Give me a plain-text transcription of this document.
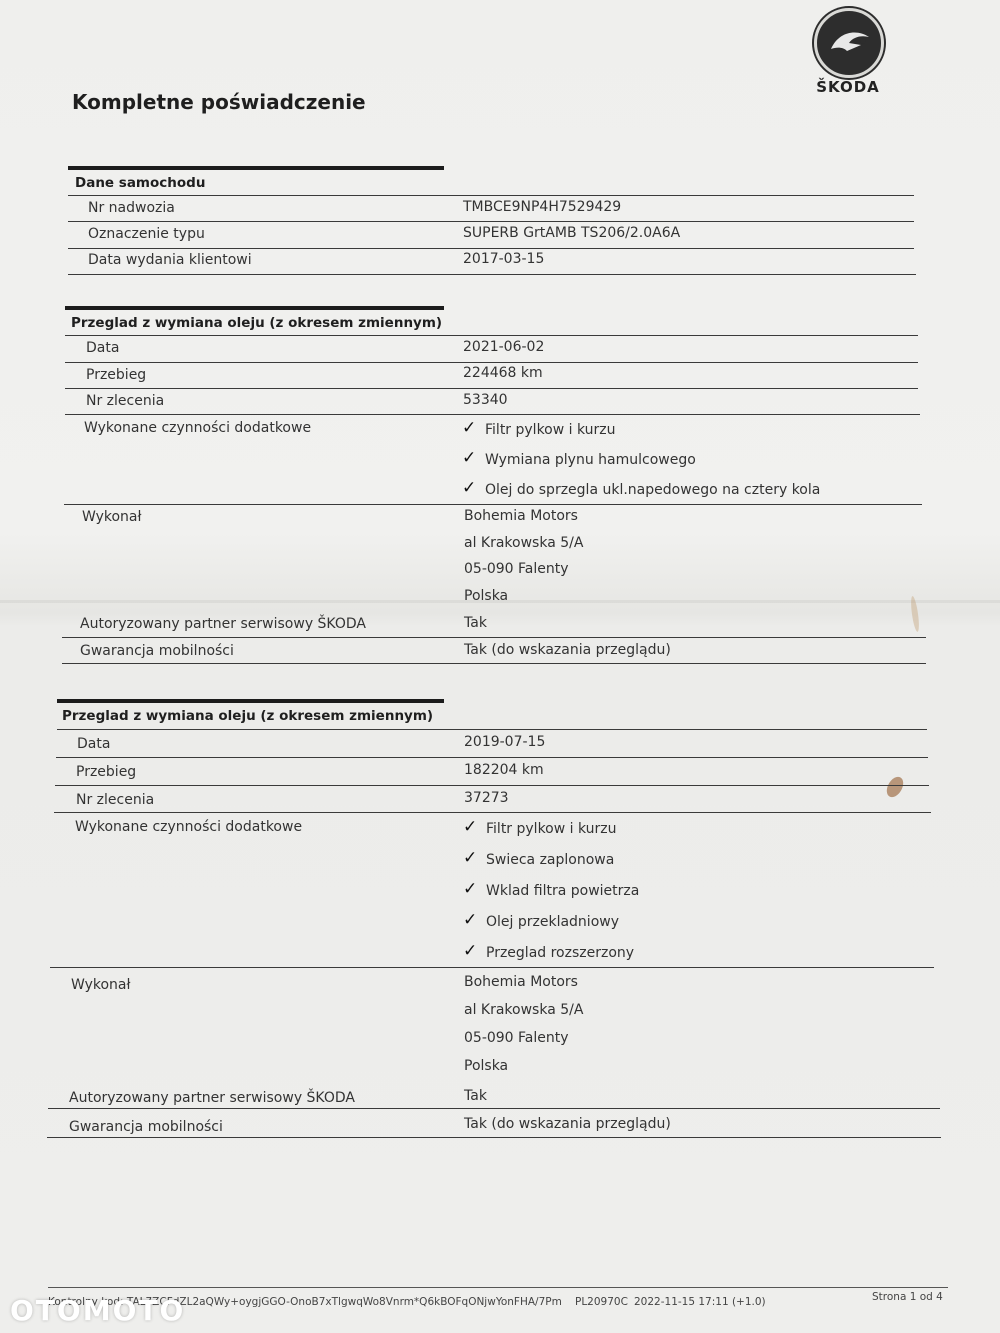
ŠKODA
Kompletne poświadczenie
Dane samochodu
Nr nadwozia	TMBCE9NP4H7529429
Oznaczenie typu	SUPERB GrtAMB TS206/2.0A6A
Data wydania klientowi	2017-03-15
Przeglad z wymiana oleju (z okresem zmiennym)
Data	2021-06-02
Przebieg	224468 km
Nr zlecenia	53340
Wykonane czynności dodatkowe	✓ Filtr pylkow i kurzu
✓ Wymiana plynu hamulcowego
✓ Olej do sprzegla ukl.napedowego na cztery kola
Wykonał	Bohemia Motors
al Krakowska 5/A
05-090 Falenty
Polska
Autoryzowany partner serwisowy ŠKODA	Tak
Gwarancja mobilności	Tak (do wskazania przeglądu)
Przeglad z wymiana oleju (z okresem zmiennym)
Data	2019-07-15
Przebieg	182204 km
Nr zlecenia	37273
Wykonane czynności dodatkowe	✓ Filtr pylkow i kurzu
✓ Swieca zaplonowa
✓ Wklad filtra powietrza
✓ Olej przekladniowy
✓ Przeglad rozszerzony
Wykonał	Bohemia Motors
al Krakowska 5/A
05-090 Falenty
Polska
Autoryzowany partner serwisowy ŠKODA	Tak
Gwarancja mobilności	Tak (do wskazania przeglądu)
Kontrolny kod: TAL7ZCFdZL2aQWy+oygjGGO-OnoB7xTlgwqWo8Vnrm*Q6kBOFqONjwYonFHA/7Pm PL20970C 2022-11-15 17:11 (+1.0)	Strona 1 od 4
OTOMOTO
